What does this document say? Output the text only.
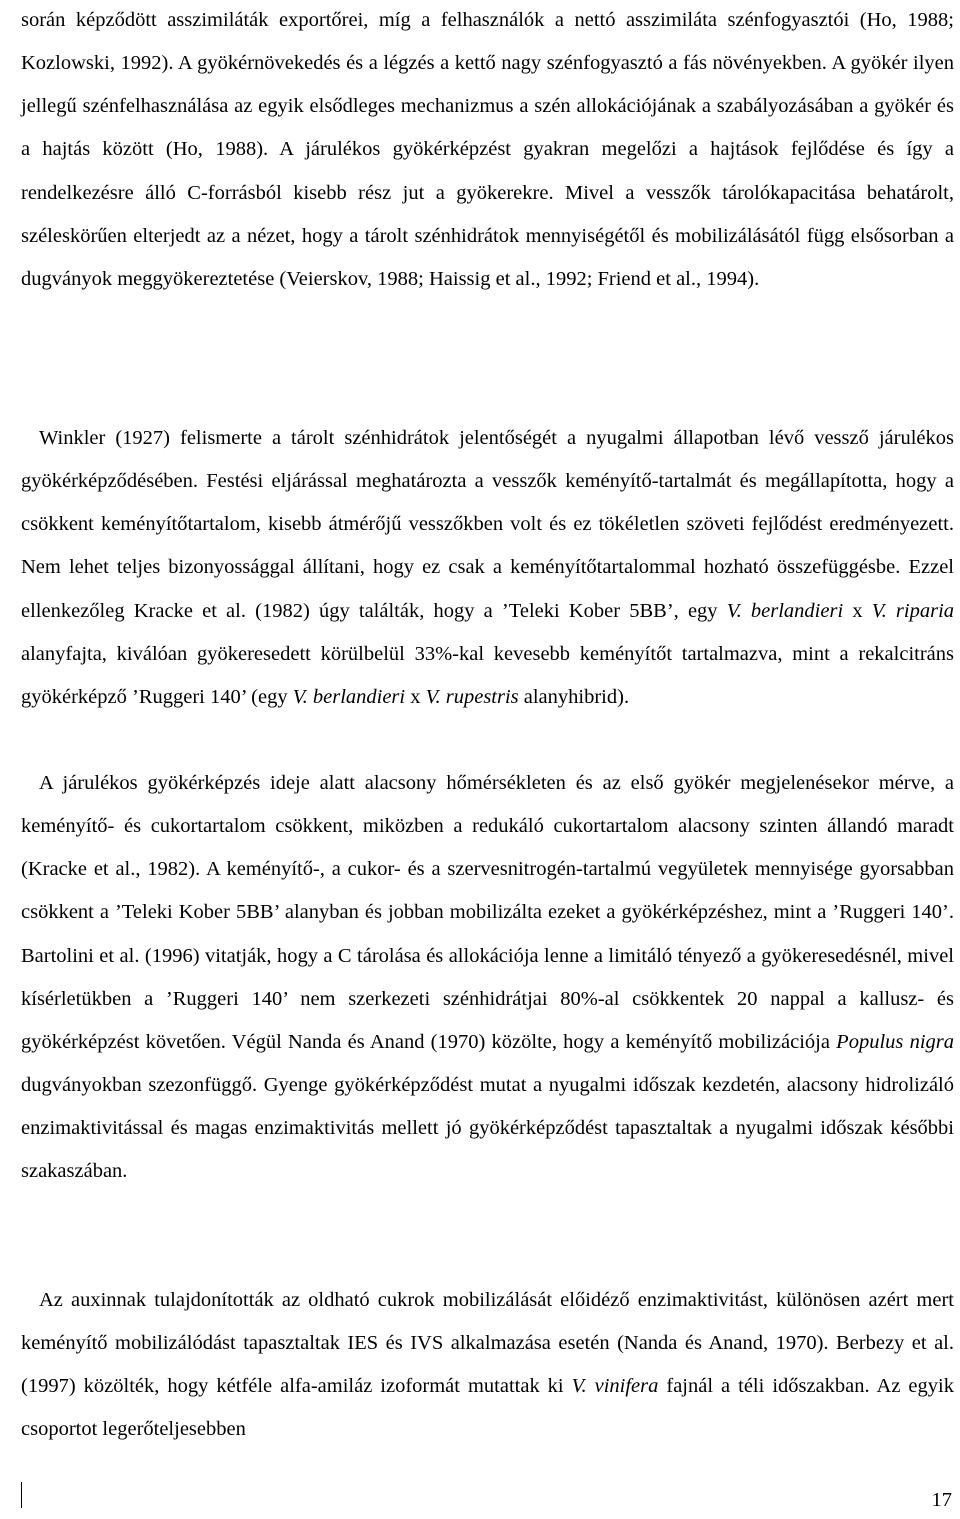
során képződött asszimiláták exportőrei, míg a felhasználók a nettó asszimiláta szénfogyasztói (Ho, 1988; Kozlowski, 1992). A gyökérnövekedés és a légzés a kettő nagy szénfogyasztó a fás növényekben. A gyökér ilyen jellegű szénfelhasználása az egyik elsődleges mechanizmus a szén allokációjának a szabályozásában a gyökér és a hajtás között (Ho, 1988). A járulékos gyökérképzést gyakran megelőzi a hajtások fejlődése és így a rendelkezésre álló C-forrásból kisebb rész jut a gyökerekre. Mivel a vesszők tárolókapacitása behatárolt, széleskörűen elterjedt az a nézet, hogy a tárolt szénhidrátok mennyiségétől és mobilizálásától függ elsősorban a dugványok meggyökereztetése (Veierskov, 1988; Haissig et al., 1992; Friend et al., 1994).

Winkler (1927) felismerte a tárolt szénhidrátok jelentőségét a nyugalmi állapotban lévő vessző járulékos gyökérképződésében. Festési eljárással meghatározta a vesszők keményítő-tartalmát és megállapította, hogy a csökkent keményítőtartalom, kisebb átmérőjű vesszőkben volt és ez tökéletlen szöveti fejlődést eredményezett. Nem lehet teljes bizonyossággal állítani, hogy ez csak a keményítőtartalommal hozható összefüggésbe. Ezzel ellenkezőleg Kracke et al. (1982) úgy találták, hogy a ’Teleki Kober 5BB’, egy V. berlandieri x V. riparia alanyfajta, kiválóan gyökeresedett körülbelül 33%-kal kevesebb keményítőt tartalmazva, mint a rekalcitráns gyökérképző ’Ruggeri 140’ (egy V. berlandieri x V. rupestris alanyhibrid).

A járulékos gyökérképzés ideje alatt alacsony hőmérsékleten és az első gyökér megjelenésekor mérve, a keményítő- és cukortartalom csökkent, miközben a redukáló cukortartalom alacsony szinten állandó maradt (Kracke et al., 1982). A keményítő-, a cukor- és a szervesnitrogén-tartalmú vegyületek mennyisége gyorsabban csökkent a ’Teleki Kober 5BB’ alanyban és jobban mobilizálta ezeket a gyökérképzéshez, mint a ’Ruggeri 140’. Bartolini et al. (1996) vitatják, hogy a C tárolása és allokációja lenne a limitáló tényező a gyökeresedésnél, mivel kísérletükben a ’Ruggeri 140’ nem szerkezeti szénhidrátjai 80%-al csökkentek 20 nappal a kallusz- és gyökérképzést követően. Végül Nanda és Anand (1970) közölte, hogy a keményítő mobilizációja Populus nigra dugványokban szezonfüggő. Gyenge gyökérképződést mutat a nyugalmi időszak kezdetén, alacsony hidrolizáló enzimaktivitással és magas enzimaktivitás mellett jó gyökérképződést tapasztaltak a nyugalmi időszak későbbi szakaszában.

Az auxinnak tulajdonították az oldható cukrok mobilizálását előidéző enzimaktivitást, különösen azért mert keményítő mobilizálódást tapasztaltak IES és IVS alkalmazása esetén (Nanda és Anand, 1970). Berbezy et al. (1997) közölték, hogy kétféle alfa-amiláz izoformát mutattak ki V. vinifera fajnál a téli időszakban. Az egyik csoportot legerőteljesebben

17
